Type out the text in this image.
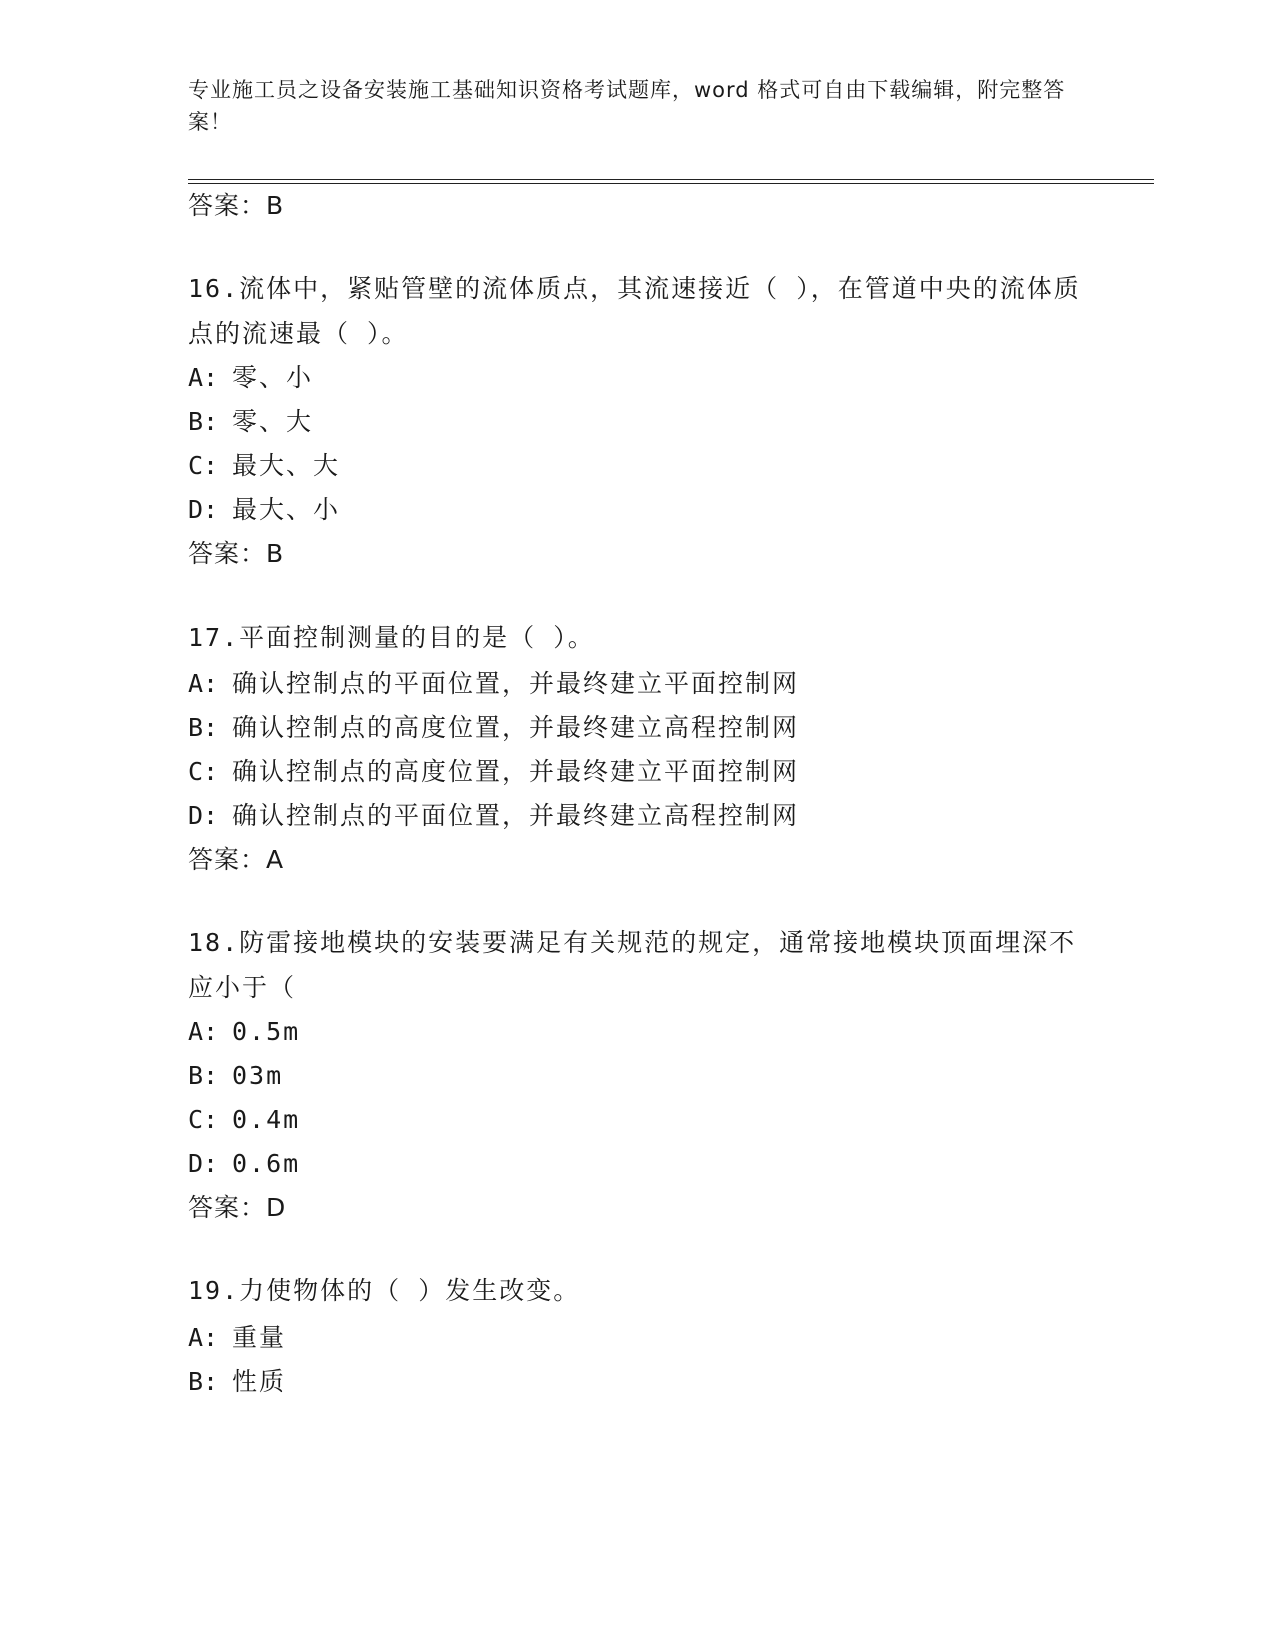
专业施工员之设备安装施工基础知识资格考试题库，word 格式可自由下载编辑，附完整答案！

答案：B

16.流体中，紧贴管壁的流体质点，其流速接近（ ），在管道中央的流体质点的流速最（ ）。

A: 零、小
B: 零、大
C: 最大、大
D: 最大、小

答案：B

17.平面控制测量的目的是（ ）。

A: 确认控制点的平面位置，并最终建立平面控制网
B: 确认控制点的高度位置，并最终建立高程控制网
C: 确认控制点的高度位置，并最终建立平面控制网
D: 确认控制点的平面位置，并最终建立高程控制网

答案：A

18.防雷接地模块的安装要满足有关规范的规定，通常接地模块顶面埋深不应小于（

A: 0.5m
B: 03m
C: 0.4m
D: 0.6m

答案：D

19.力使物体的（ ）发生改变。

A: 重量
B: 性质
